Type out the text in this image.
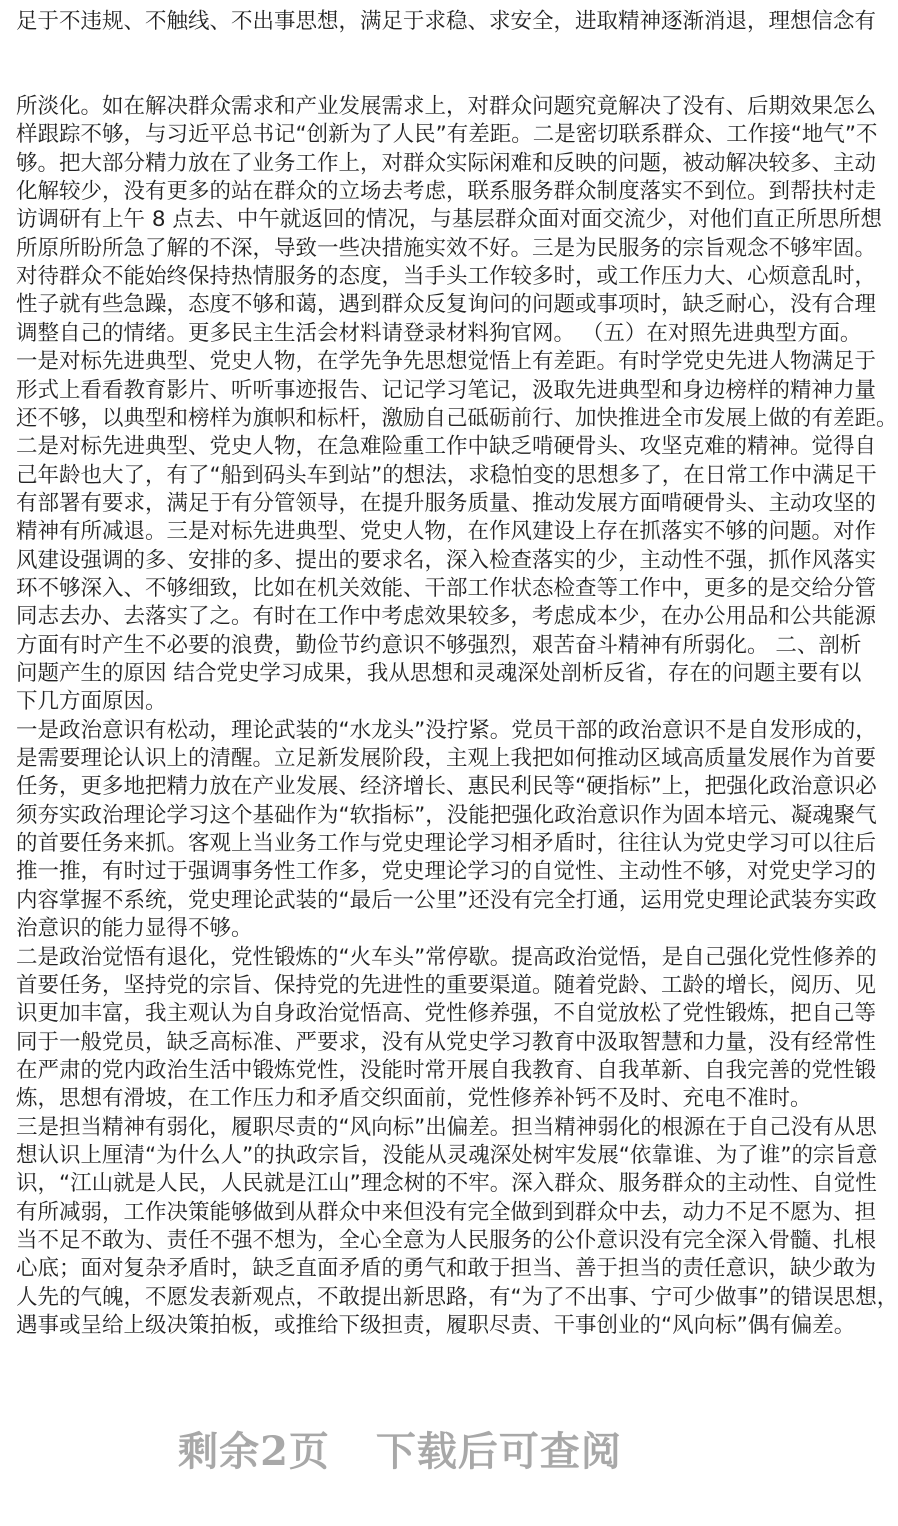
足于不违规、不触线、不出事思想，满足于求稳、求安全，进取精神逐渐消退，理想信念有
所淡化。如在解决群众需求和产业发展需求上，对群众问题究竟解决了没有、后期效果怎么
样跟踪不够，与习近平总书记“创新为了人民”有差距。二是密切联系群众、工作接“地气”不
够。把大部分精力放在了业务工作上，对群众实际闲难和反映的问题，被动解决较多、主动
化解较少，没有更多的站在群众的立场去考虑，联系服务群众制度落实不到位。到帮扶村走
访调研有上午 8 点去、中午就返回的情况，与基层群众面对面交流少，对他们直正所思所想
所原所盼所急了解的不深，导致一些决措施实效不好。三是为民服务的宗旨观念不够牢固。
对待群众不能始终保持热情服务的态度，当手头工作较多时，或工作压力大、心烦意乱时，
性子就有些急躁，态度不够和蔼，遇到群众反复询问的问题或事项时，缺乏耐心，没有合理
调整自己的情绪。更多民主生活会材料请登录材料狗官网。 （五）在对照先进典型方面。
一是对标先进典型、党史人物，在学先争先思想觉悟上有差距。有时学党史先进人物满足于
形式上看看教育影片、听听事迹报告、记记学习笔记，汲取先进典型和身边榜样的精神力量
还不够，以典型和榜样为旗帜和标杆，激励自己砥砺前行、加快推进全市发展上做的有差距。
二是对标先进典型、党史人物，在急难险重工作中缺乏啃硬骨头、攻坚克难的精神。觉得自
己年龄也大了，有了“船到码头车到站”的想法，求稳怕变的思想多了，在日常工作中满足干
有部署有要求，满足于有分管领导，在提升服务质量、推动发展方面啃硬骨头、主动攻坚的
精神有所减退。三是对标先进典型、党史人物，在作风建设上存在抓落实不够的问题。对作
风建设强调的多、安排的多、提出的要求名，深入检查落实的少，主动性不强，抓作风落实
环不够深入、不够细致，比如在机关效能、干部工作状态检查等工作中，更多的是交给分管
同志去办、去落实了之。有时在工作中考虑效果较多，考虑成本少，在办公用品和公共能源
方面有时产生不必要的浪费，勤俭节约意识不够强烈，艰苦奋斗精神有所弱化。 二、剖析
问题产生的原因 结合党史学习成果，我从思想和灵魂深处剖析反省，存在的问题主要有以
下几方面原因。
一是政治意识有松动，理论武装的“水龙头”没拧紧。党员干部的政治意识不是自发形成的，
是需要理论认识上的清醒。立足新发展阶段，主观上我把如何推动区域高质量发展作为首要
任务，更多地把精力放在产业发展、经济增长、惠民利民等“硬指标”上，把强化政治意识必
须夯实政治理论学习这个基础作为“软指标”，没能把强化政治意识作为固本培元、凝魂聚气
的首要任务来抓。客观上当业务工作与党史理论学习相矛盾时，往往认为党史学习可以往后
推一推，有时过于强调事务性工作多，党史理论学习的自觉性、主动性不够，对党史学习的
内容掌握不系统，党史理论武装的“最后一公里”还没有完全打通，运用党史理论武装夯实政
治意识的能力显得不够。
二是政治觉悟有退化，党性锻炼的“火车头”常停歇。提高政治觉悟，是自己强化党性修养的
首要任务，坚持党的宗旨、保持党的先进性的重要渠道。随着党龄、工龄的增长，阅历、见
识更加丰富，我主观认为自身政治觉悟高、党性修养强，不自觉放松了党性锻炼，把自己等
同于一般党员，缺乏高标准、严要求，没有从党史学习教育中汲取智慧和力量，没有经常性
在严肃的党内政治生活中锻炼党性，没能时常开展自我教育、自我革新、自我完善的党性锻
炼，思想有滑坡，在工作压力和矛盾交织面前，党性修养补钙不及时、充电不准时。
三是担当精神有弱化，履职尽责的“风向标”出偏差。担当精神弱化的根源在于自己没有从思
想认识上厘清“为什么人”的执政宗旨，没能从灵魂深处树牢发展“依靠谁、为了谁”的宗旨意
识，“江山就是人民，人民就是江山”理念树的不牢。深入群众、服务群众的主动性、自觉性
有所减弱，工作决策能够做到从群众中来但没有完全做到到群众中去，动力不足不愿为、担
当不足不敢为、责任不强不想为，全心全意为人民服务的公仆意识没有完全深入骨髓、扎根
心底；面对复杂矛盾时，缺乏直面矛盾的勇气和敢于担当、善于担当的责任意识，缺少敢为
人先的气魄，不愿发表新观点，不敢提出新思路，有“为了不出事、宁可少做事”的错误思想，
遇事或呈给上级决策拍板，或推给下级担责，履职尽责、干事创业的“风向标”偶有偏差。
剩余2页 下载后可查阅
